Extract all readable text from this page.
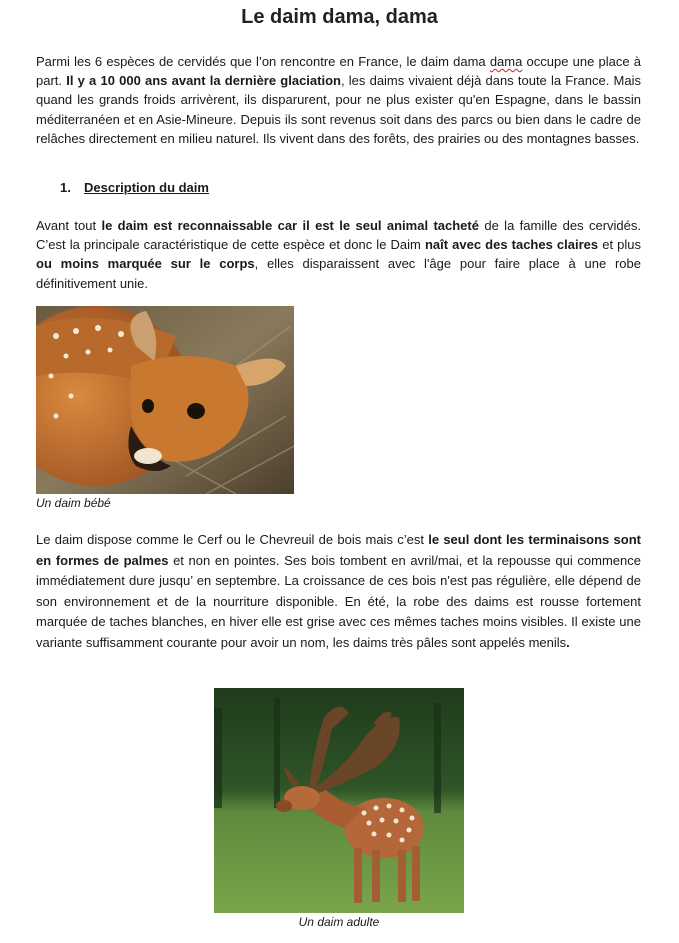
Le daim dama, dama

Parmi les 6 espèces de cervidés que l’on rencontre en France, le daim dama dama occupe une place à part. Il y a 10 000 ans avant la dernière glaciation, les daims vivaient déjà dans toute la France. Mais quand les grands froids arrivèrent, ils disparurent, pour ne plus exister qu'en Espagne, dans le bassin méditerranéen et en Asie-Mineure. Depuis ils sont revenus soit dans des parcs ou bien dans le cadre de relâches directement en milieu naturel. Ils vivent dans des forêts, des prairies ou des montagnes basses.

1. Description du daim

Avant tout le daim est reconnaissable car il est le seul animal tacheté de la famille des cervidés. C’est la principale caractéristique de cette espèce et donc le Daim naît avec des taches claires et plus ou moins marquée sur le corps, elles disparaissent avec l'âge pour faire place à une robe définitivement unie.

Un daim bébé

Le daim dispose comme le Cerf ou le Chevreuil de bois mais c’est le seul dont les terminaisons sont en formes de palmes et non en pointes. Ses bois tombent en avril/mai, et la repousse qui commence immédiatement dure jusqu’ en septembre. La croissance de ces bois n'est pas régulière, elle dépend de son environnement et de la nourriture disponible. En été, la robe des daims est rousse fortement marquée de taches blanches, en hiver elle est grise avec ces mêmes taches moins visibles. Il existe une variante suffisamment courante pour avoir un nom, les daims très pâles sont appelés menils.

Un daim adulte
